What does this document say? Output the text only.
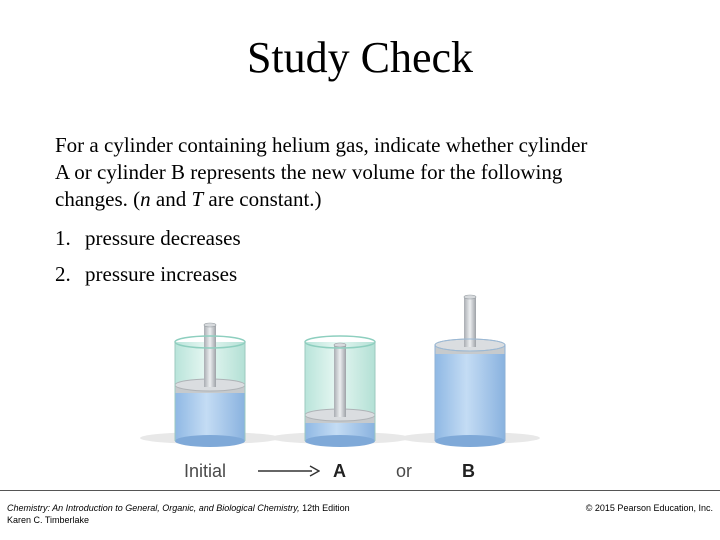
Study Check

For a cylinder containing helium gas, indicate whether cylinder

A or cylinder B represents the new volume for the following

changes. (n and T are constant.)

1. pressure decreases
2. pressure increases
Initial	A	or	B
Chemistry: An Introduction to General, Organic, and Biological Chemistry, 12th Edition
Karen C. Timberlake
© 2015 Pearson Education, Inc.
